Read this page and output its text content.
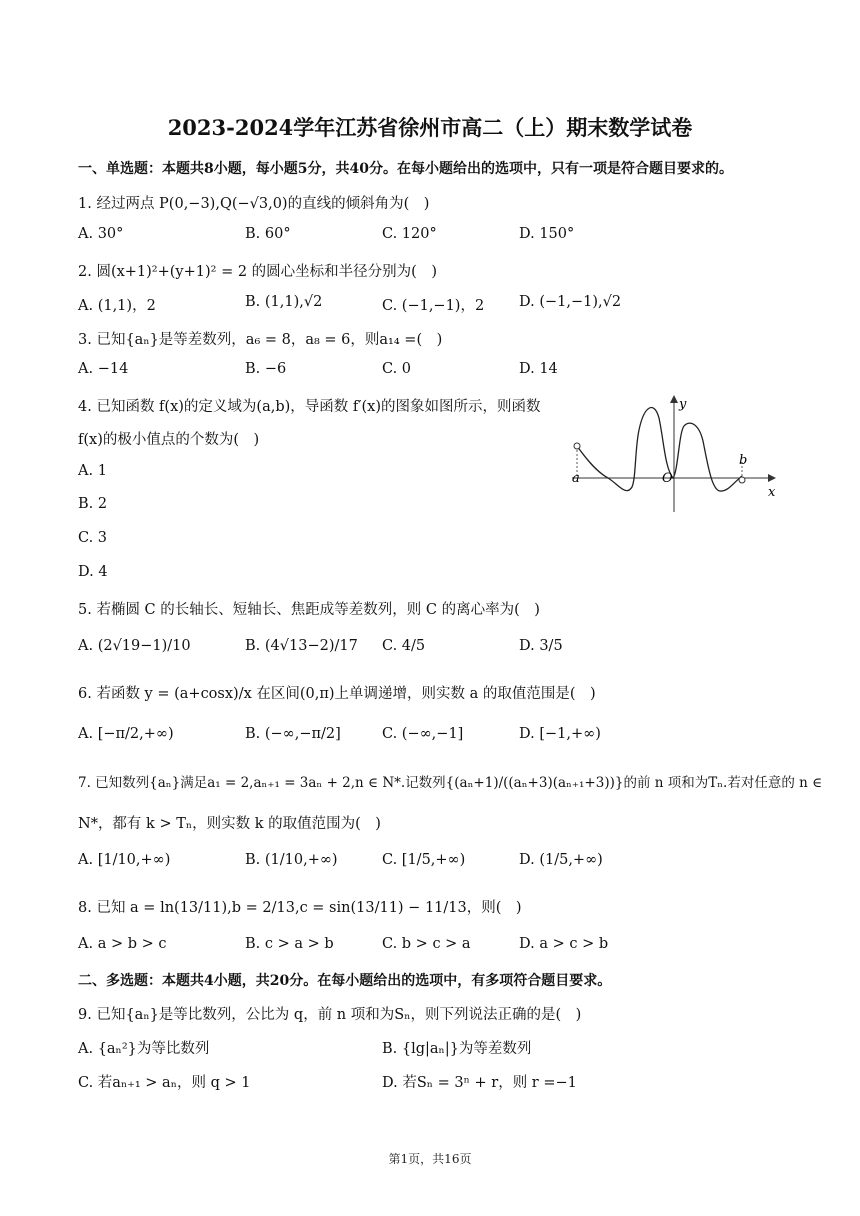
2023-2024学年江苏省徐州市高二（上）期末数学试卷
一、单选题：本题共8小题，每小题5分，共40分。在每小题给出的选项中，只有一项是符合题目要求的。
1. 经过两点 P(0,−3),Q(−√3,0)的直线的倾斜角为(　)
A. 30°	B. 60°	C. 120°	D. 150°
2. 圆(x+1)²+(y+1)² = 2 的圆心坐标和半径分别为(　)
A. (1,1)，2	B. (1,1),√2	C. (−1,−1)，2 D. (−1,−1),√2
3. 已知{aₙ}是等差数列，a₆ = 8，a₈ = 6，则a₁₄ =(　)
A. −14	B. −6	C. 0	D. 14
4. 已知函数 f(x)的定义域为(a,b)，导函数 f′(x)的图象如图所示，则函数
f(x)的极小值点的个数为(　)
A. 1
B. 2
C. 3
D. 4
a
b
O
y
x
5. 若椭圆 C 的长轴长、短轴长、焦距成等差数列，则 C 的离心率为(　)
A. (2√19−1)/10	B. (4√13−2)/17 C. 4/5	D. 3/5
6. 若函数 y = (a+cosx)/x 在区间(0,π)上单调递增，则实数 a 的取值范围是(　)
A. [−π/2,+∞)	B. (−∞,−π/2]	C. (−∞,−1]	D. [−1,+∞)
7. 已知数列{aₙ}满足a₁ = 2,aₙ₊₁ = 3aₙ + 2,n ∈ N*.记数列{(aₙ+1)/((aₙ+3)(aₙ₊₁+3))}的前 n 项和为Tₙ.若对任意的 n ∈
N*，都有 k > Tₙ，则实数 k 的取值范围为(　)
A. [1/10,+∞)	B. (1/10,+∞)	C. [1/5,+∞)	D. (1/5,+∞)
8. 已知 a = ln(13/11),b = 2/13,c = sin(13/11) − 11/13，则(　)
A. a > b > c	B. c > a > b	C. b > c > a	D. a > c > b
二、多选题：本题共4小题，共20分。在每小题给出的选项中，有多项符合题目要求。
9. 已知{aₙ}是等比数列，公比为 q，前 n 项和为Sₙ，则下列说法正确的是(　)
A. {aₙ²}为等比数列	B. {lg|aₙ|}为等差数列
C. 若aₙ₊₁ > aₙ，则 q > 1	D. 若Sₙ = 3ⁿ + r，则 r =−1
第1页，共16页
